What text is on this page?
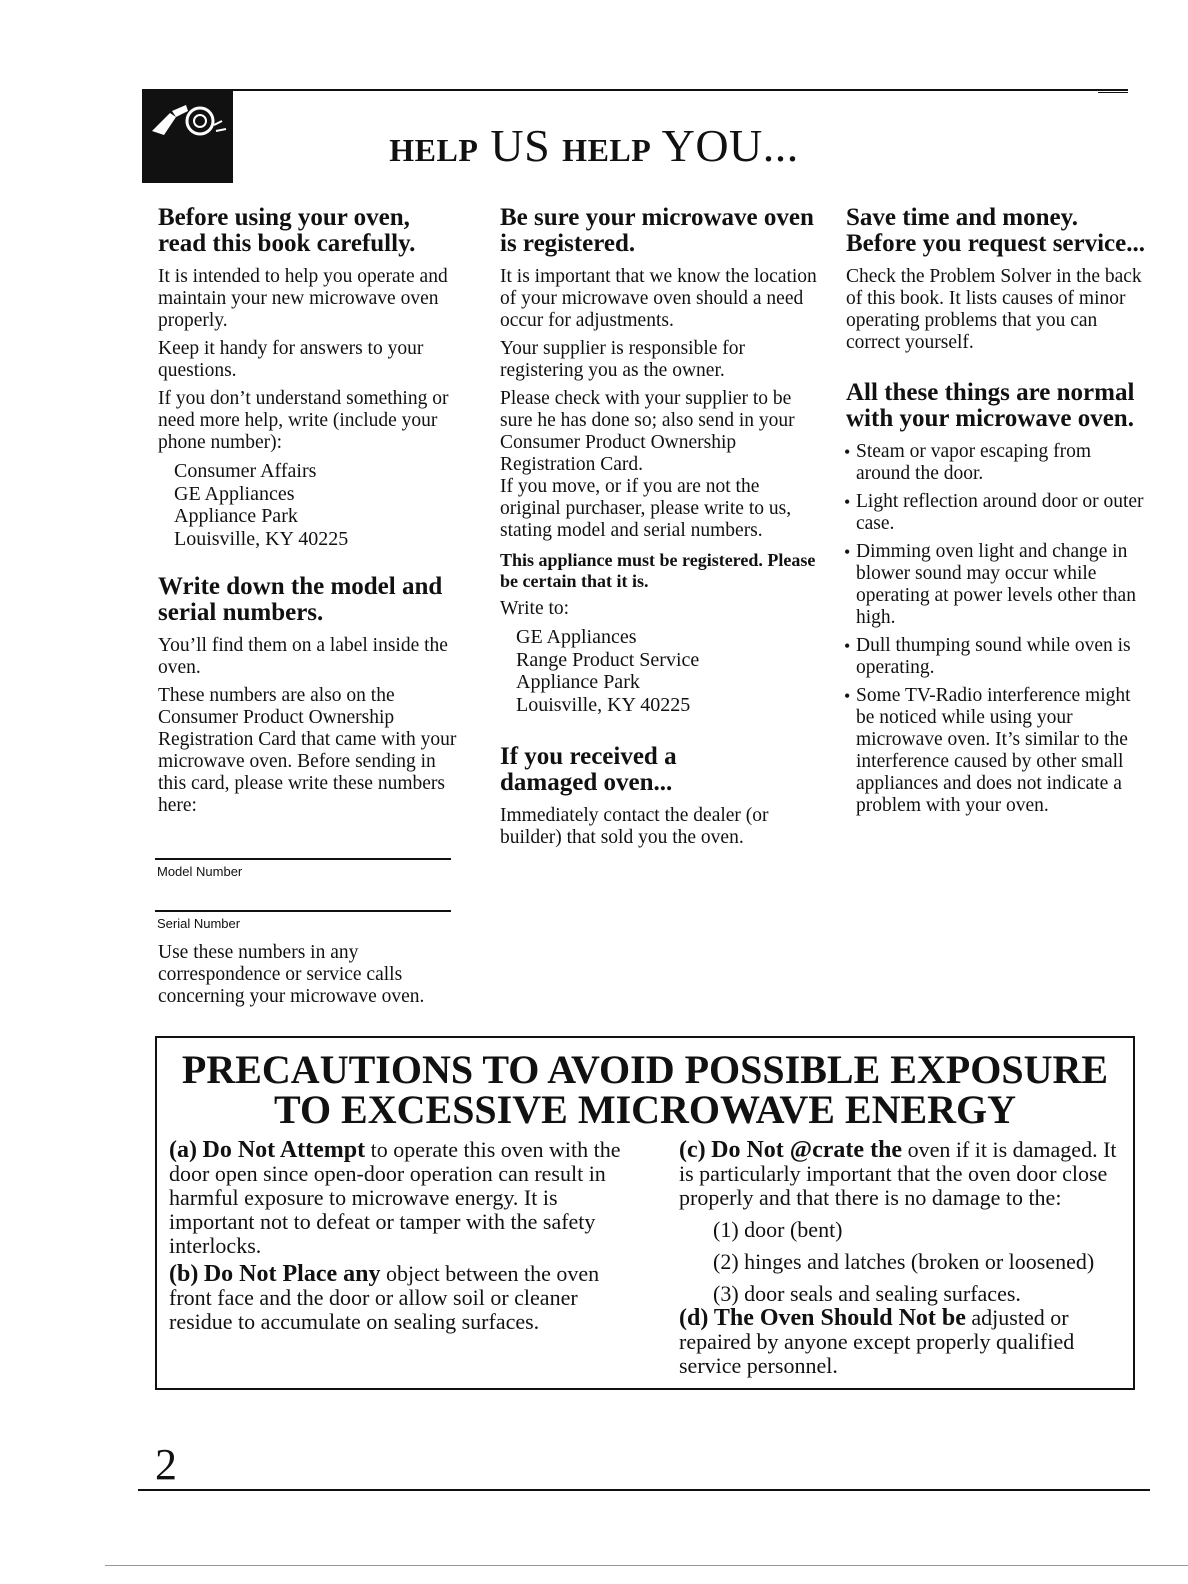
HELP US HELP YOU...
Before using your oven, read this book carefully.
It is intended to help you operate and maintain your new microwave oven properly.
Keep it handy for answers to your questions.
If you don’t understand something or need more help, write (include your phone number):
Consumer Affairs
GE Appliances
Appliance Park
Louisville, KY 40225
Write down the model and serial numbers.
You’ll find them on a label inside the oven.
These numbers are also on the Consumer Product Ownership Registration Card that came with your microwave oven. Before sending in this card, please write these numbers here:
Model Number
Serial Number
Use these numbers in any correspondence or service calls concerning your microwave oven.
Be sure your microwave oven is registered.
It is important that we know the location of your microwave oven should a need occur for adjustments.
Your supplier is responsible for registering you as the owner.
Please check with your supplier to be sure he has done so; also send in your Consumer Product Ownership Registration Card.
If you move, or if you are not the original purchaser, please write to us, stating model and serial numbers.
This appliance must be registered. Please be certain that it is.
Write to:
GE Appliances
Range Product Service
Appliance Park
Louisville, KY 40225
If you received a damaged oven...
Immediately contact the dealer (or builder) that sold you the oven.
Save time and money. Before you request service...
Check the Problem Solver in the back of this book. It lists causes of minor operating problems that you can correct yourself.
All these things are normal with your microwave oven.
• Steam or vapor escaping from around the door.
• Light reflection around door or outer case.
• Dimming oven light and change in blower sound may occur while operating at power levels other than high.
• Dull thumping sound while oven is operating.
• Some TV-Radio interference might be noticed while using your microwave oven. It’s similar to the interference caused by other small appliances and does not indicate a problem with your oven.
PRECAUTIONS TO AVOID POSSIBLE EXPOSURE
TO EXCESSIVE MICROWAVE ENERGY
(a) Do Not Attempt to operate this oven with the door open since open-door operation can result in harmful exposure to microwave energy. It is important not to defeat or tamper with the safety interlocks.
(b) Do Not Place any object between the oven front face and the door or allow soil or cleaner residue to accumulate on sealing surfaces.
(c) Do Not @crate the oven if it is damaged. It is particularly important that the oven door close properly and that there is no damage to the:
(1) door (bent)
(2) hinges and latches (broken or loosened)
(3) door seals and sealing surfaces.
(d) The Oven Should Not be adjusted or repaired by anyone except properly qualified service personnel.
2
